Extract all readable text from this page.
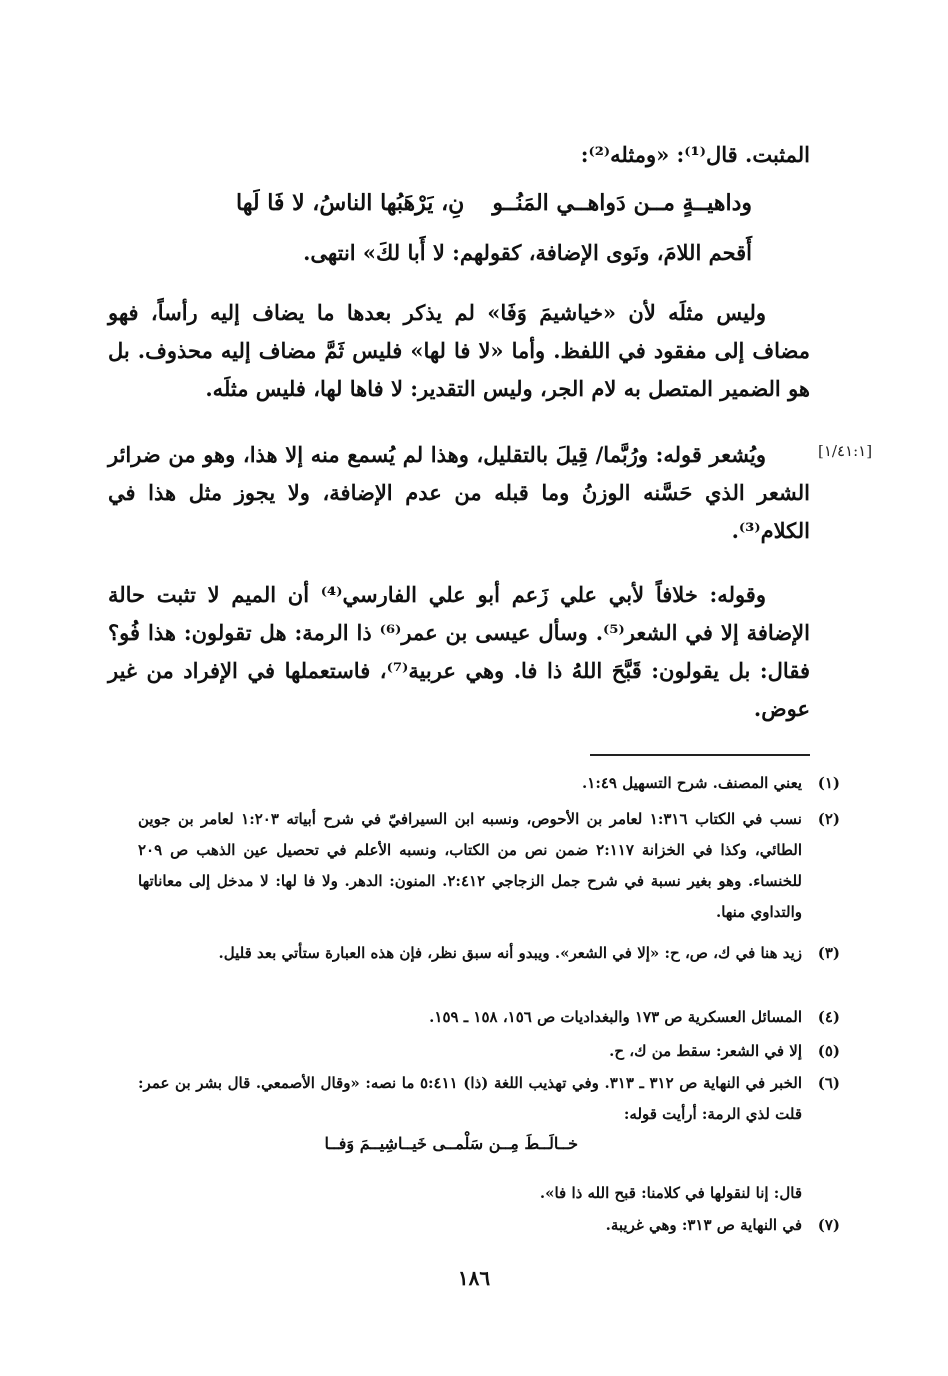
[١/٤١:١]
المثبت. قال⁽¹⁾: «ومثله⁽²⁾:
وداهيــةٍ مــن دَواهــي المَنُــونِ، يَرْهَبُها الناسُ، لا فَا لَها
أَقحم اللامَ، ونَوى الإضافة، كقولهم: لا أَبا لكَ» انتهى.
وليس مثلَه لأن «خياشيمَ وَفَا» لم يذكر بعدها ما يضاف إليه رأساً، فهو مضاف إلى مفقود في اللفظ. وأما «لا فا لها» فليس ثَمَّ مضاف إليه محذوف. بل هو الضمير المتصل به لام الجر، وليس التقدير: لا فاها لها، فليس مثلَه.
ويُشعر قوله: ورُبَّما/ قِيلَ بالتقليل، وهذا لم يُسمع منه إلا هذا، وهو من ضرائر الشعر الذي حَسَّنه الوزنُ وما قبله من عدم الإضافة، ولا يجوز مثل هذا في الكلام⁽³⁾.
وقوله: خلافاً لأبي علي زَعم أبو علي الفارسي⁽⁴⁾ أن الميم لا تثبت حالة الإضافة إلا في الشعر⁽⁵⁾. وسأل عيسى بن عمر⁽⁶⁾ ذا الرمة: هل تقولون: هذا فُو؟ فقال: بل يقولون: قَبَّحَ اللهُ ذا فا. وهي عربية⁽⁷⁾، فاستعملها في الإفراد من غير عوض.
(١)
يعني المصنف. شرح التسهيل ١:٤٩.
(٢)
نسب في الكتاب ١:٣١٦ لعامر بن الأحوص، ونسبه ابن السيرافيّ في شرح أبياته ١:٢٠٣ لعامر بن جوين الطائي، وكذا في الخزانة ٢:١١٧ ضمن نص من الكتاب، ونسبه الأعلم في تحصيل عين الذهب ص ٢٠٩ للخنساء. وهو بغير نسبة في شرح جمل الزجاجي ٢:٤١٢. المنون: الدهر. ولا فا لها: لا مدخل إلى معاناتها والتداوي منها.
(٣)
زيد هنا في ك، ص، ح: «إلا في الشعر». ويبدو أنه سبق نظر، فإن هذه العبارة ستأتي بعد قليل.
(٤)
المسائل العسكرية ص ١٧٣ والبغداديات ص ١٥٦، ١٥٨ ـ ١٥٩.
(٥)
إلا في الشعر: سقط من ك، ح.
(٦)
الخبر في النهاية ص ٣١٢ ـ ٣١٣. وفي تهذيب اللغة (ذا) ٥:٤١١ ما نصه: «وقال الأصمعي. قال بشر بن عمر: قلت لذي الرمة: أرأيت قوله:
خــالَــطَ مِــن سَلْمــى خَيــاشِيــمَ وَفــا
قال: إنا لنقولها في كلامنا: قبح الله ذا فا».
(٧)
في النهاية ص ٣١٣: وهي غريبة.
١٨٦
